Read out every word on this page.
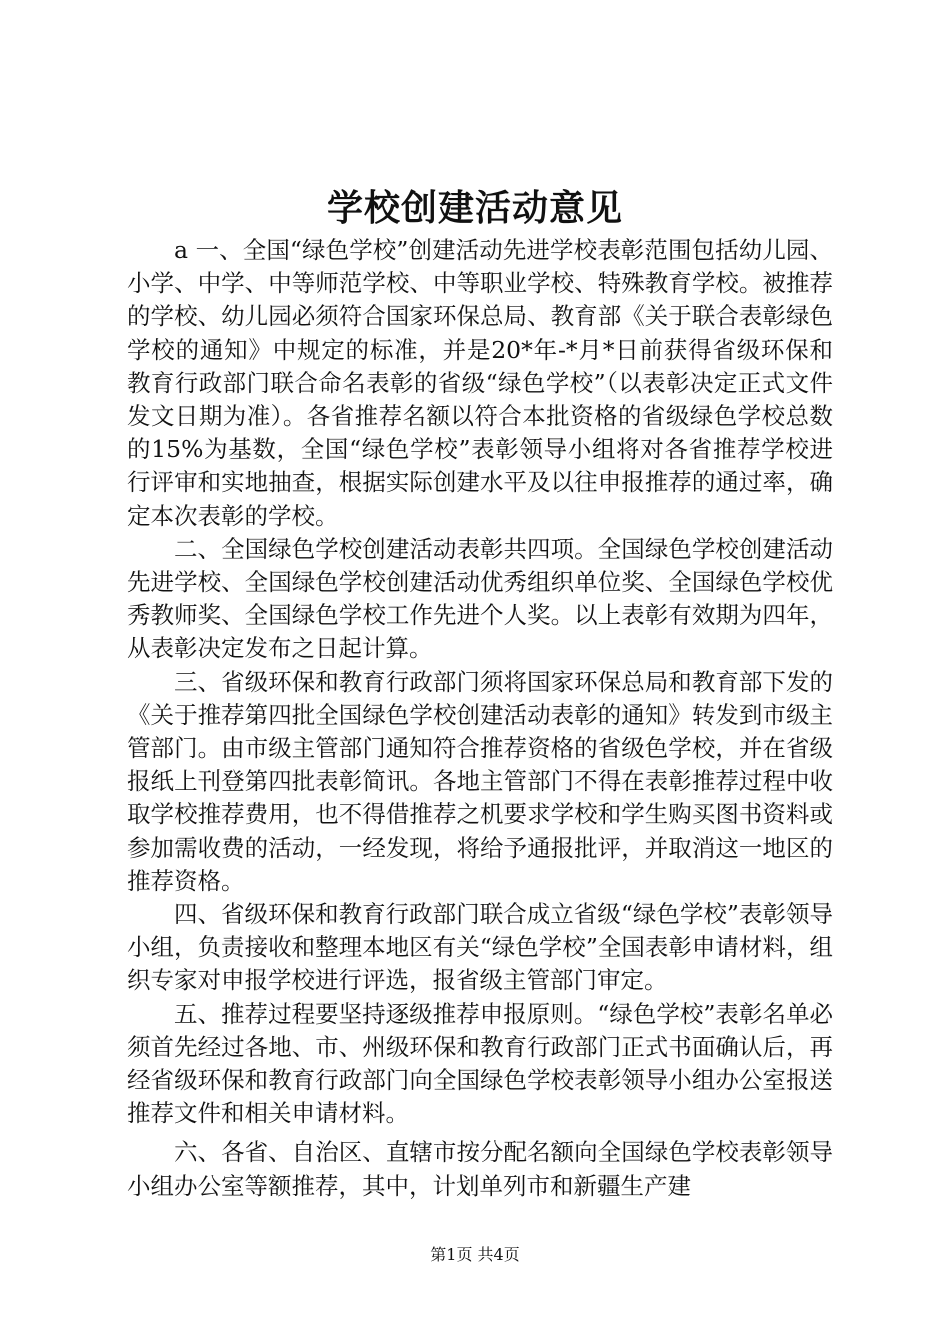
学校创建活动意见

a 一、全国“绿色学校”创建活动先进学校表彰范围包括幼儿园、小学、中学、中等师范学校、中等职业学校、特殊教育学校。被推荐的学校、幼儿园必须符合国家环保总局、教育部《关于联合表彰绿色学校的通知》中规定的标准，并是20*年-*月*日前获得省级环保和教育行政部门联合命名表彰的省级“绿色学校”（以表彰决定正式文件发文日期为准）。各省推荐名额以符合本批资格的省级绿色学校总数的15%为基数，全国“绿色学校”表彰领导小组将对各省推荐学校进行评审和实地抽查，根据实际创建水平及以往申报推荐的通过率，确定本次表彰的学校。

二、全国绿色学校创建活动表彰共四项。全国绿色学校创建活动先进学校、全国绿色学校创建活动优秀组织单位奖、全国绿色学校优秀教师奖、全国绿色学校工作先进个人奖。以上表彰有效期为四年，从表彰决定发布之日起计算。

三、省级环保和教育行政部门须将国家环保总局和教育部下发的《关于推荐第四批全国绿色学校创建活动表彰的通知》转发到市级主管部门。由市级主管部门通知符合推荐资格的省级色学校，并在省级报纸上刊登第四批表彰简讯。各地主管部门不得在表彰推荐过程中收取学校推荐费用，也不得借推荐之机要求学校和学生购买图书资料或参加需收费的活动，一经发现，将给予通报批评，并取消这一地区的推荐资格。

四、省级环保和教育行政部门联合成立省级“绿色学校”表彰领导小组，负责接收和整理本地区有关“绿色学校”全国表彰申请材料，组织专家对申报学校进行评选，报省级主管部门审定。

五、推荐过程要坚持逐级推荐申报原则。“绿色学校”表彰名单必须首先经过各地、市、州级环保和教育行政部门正式书面确认后，再经省级环保和教育行政部门向全国绿色学校表彰领导小组办公室报送推荐文件和相关申请材料。

六、各省、自治区、直辖市按分配名额向全国绿色学校表彰领导小组办公室等额推荐，其中，计划单列市和新疆生产建

第1页 共4页
